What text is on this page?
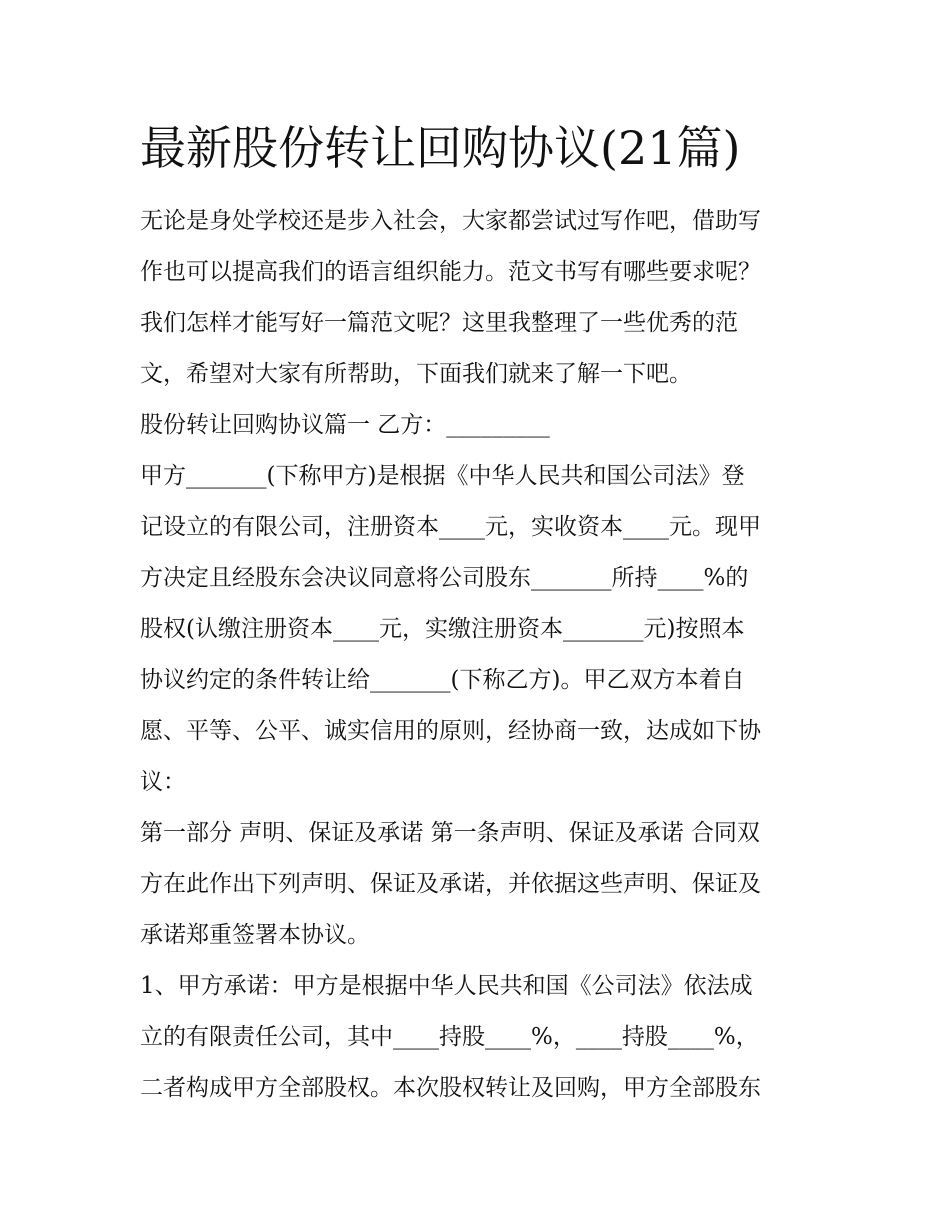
最新股份转让回购协议(21篇)

无论是身处学校还是步入社会，大家都尝试过写作吧，借助写

作也可以提高我们的语言组织能力。范文书写有哪些要求呢？

我们怎样才能写好一篇范文呢？这里我整理了一些优秀的范

文，希望对大家有所帮助，下面我们就来了解一下吧。

股份转让回购协议篇一 乙方：_________

甲方_______(下称甲方)是根据《中华人民共和国公司法》登

记设立的有限公司，注册资本____元，实收资本____元。现甲

方决定且经股东会决议同意将公司股东_______所持____%的

股权(认缴注册资本____元，实缴注册资本_______元)按照本

协议约定的条件转让给_______(下称乙方)。甲乙双方本着自

愿、平等、公平、诚实信用的原则，经协商一致，达成如下协

议：

第一部分 声明、保证及承诺 第一条声明、保证及承诺 合同双

方在此作出下列声明、保证及承诺，并依据这些声明、保证及

承诺郑重签署本协议。

1、甲方承诺：甲方是根据中华人民共和国《公司法》依法成

立的有限责任公司，其中____持股____%，____持股____%，

二者构成甲方全部股权。本次股权转让及回购，甲方全部股东
